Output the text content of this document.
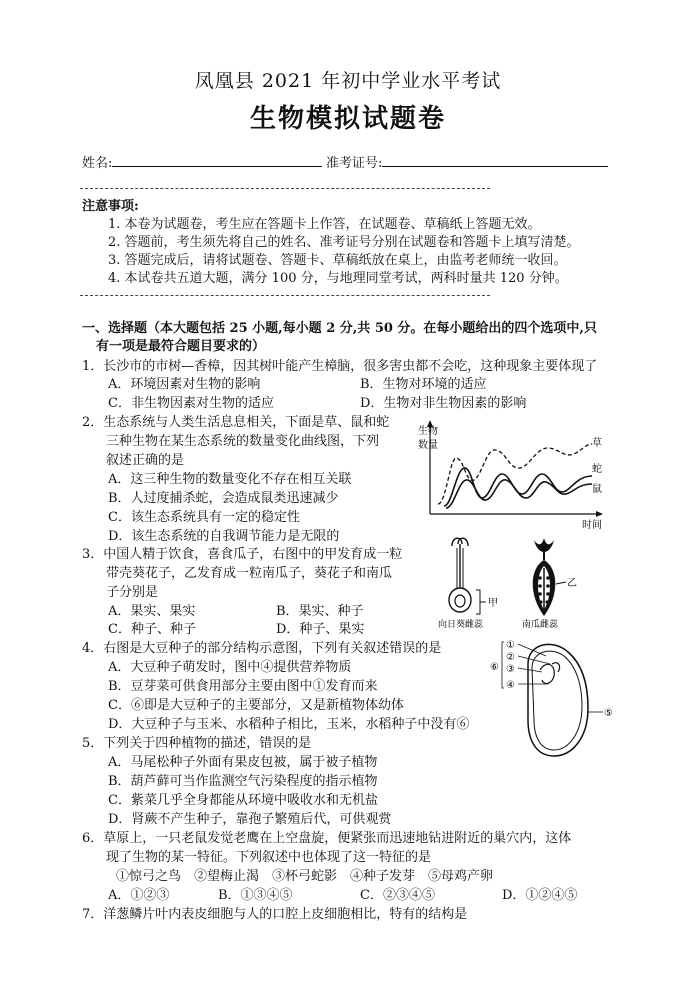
凤凰县 2021 年初中学业水平考试
生物模拟试题卷
姓名:	准考证号:
注意事项:
1. 本卷为试题卷，考生应在答题卡上作答，在试题卷、草稿纸上答题无效。
2. 答题前，考生须先将自己的姓名、准考证号分别在试题卷和答题卡上填写清楚。
3. 答题完成后，请将试题卷、答题卡、草稿纸放在桌上，由监考老师统一收回。
4. 本试卷共五道大题，满分 100 分，与地理同堂考试，两科时量共 120 分钟。
一、选择题（本大题包括 25 小题,每小题 2 分,共 50 分。在每小题给出的四个选项中,只
有一项是最符合题目要求的）
1．长沙市的市树—香樟，因其树叶能产生樟脑，很多害虫都不会吃，这种现象主要体现了
A．环境因素对生物的影响	B．生物对环境的适应
C．非生物因素对生物的适应	D．生物对非生物因素的影响
2．生态系统与人类生活息息相关，下面是草、鼠和蛇
三种生物在某生态系统的数量变化曲线图，下列
叙述正确的是
A．这三种生物的数量变化不存在相互关联
B．人过度捕杀蛇，会造成鼠类迅速减少
C．该生态系统具有一定的稳定性
D．该生态系统的自我调节能力是无限的
生物
数量
时间
草
蛇
鼠
3．中国人精于饮食，喜食瓜子，右图中的甲发育成一粒
带壳葵花子，乙发育成一粒南瓜子，葵花子和南瓜
子分别是
A．果实、果实	B．果实、种子
C．种子、种子	D．种子、果实
甲
乙
向日葵雌蕊	南瓜雌蕊
4．右图是大豆种子的部分结构示意图，下列有关叙述错误的是
A．大豆种子萌发时，图中④提供营养物质
B．豆芽菜可供食用部分主要由图中①发育而来
C．⑥即是大豆种子的主要部分，又是新植物体幼体
D．大豆种子与玉米、水稻种子相比，玉米，水稻种子中没有⑥
①
②
③
④
⑤
⑥
5．下列关于四种植物的描述，错误的是
A．马尾松种子外面有果皮包被，属于被子植物
B．葫芦藓可当作监测空气污染程度的指示植物
C．紫菜几乎全身都能从环境中吸收水和无机盐
D．肾蕨不产生种子，靠孢子繁殖后代，可供观赏
6．草原上，一只老鼠发觉老鹰在上空盘旋，便紧张而迅速地钻进附近的巢穴内，这体
现了生物的某一特征。下列叙述中也体现了这一特征的是
①惊弓之鸟　②望梅止渴　③杯弓蛇影　④种子发芽　⑤母鸡产卵
A．①②③	B．①③④⑤	C．②③④⑤	D．①②④⑤
7．洋葱鳞片叶内表皮细胞与人的口腔上皮细胞相比，特有的结构是
